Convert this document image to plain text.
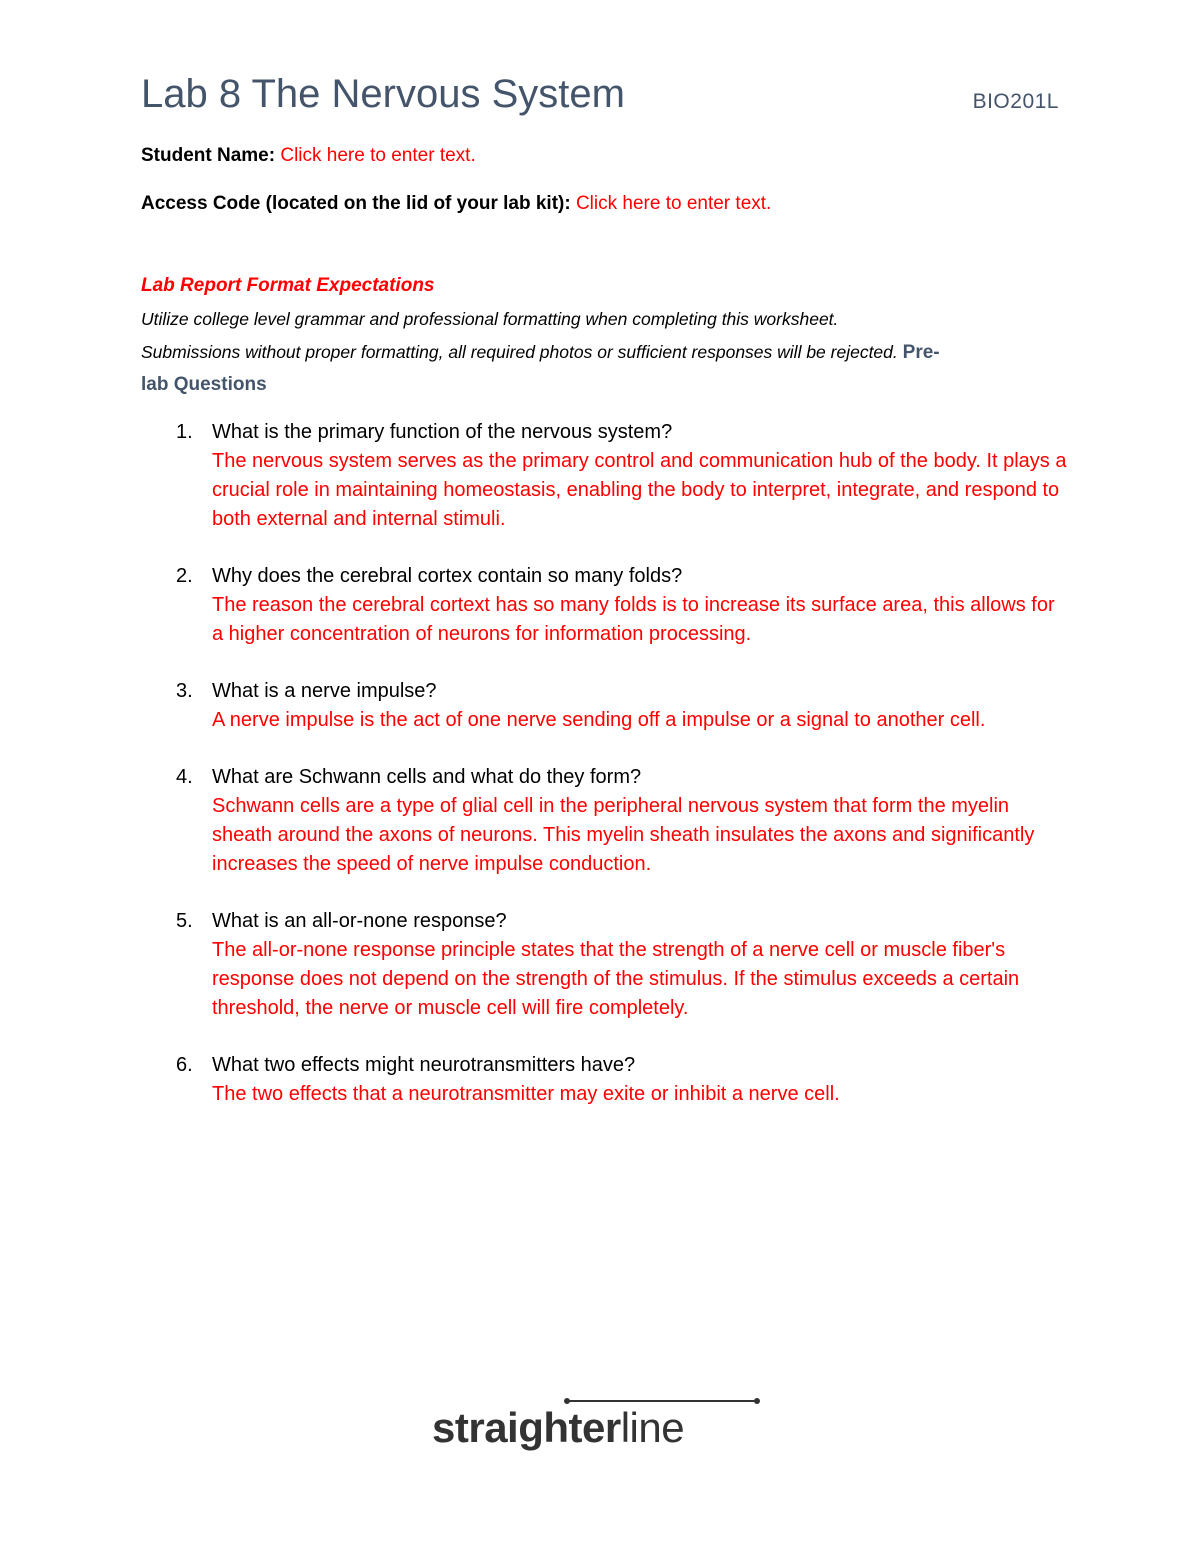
Lab 8 The Nervous System	BIO201L
Student Name: Click here to enter text.
Access Code (located on the lid of your lab kit): Click here to enter text.
Lab Report Format Expectations
Utilize college level grammar and professional formatting when completing this worksheet.
Submissions without proper formatting, all required photos or sufficient responses will be rejected. Pre-
lab Questions
1. What is the primary function of the nervous system?
The nervous system serves as the primary control and communication hub of the body. It plays a crucial role in maintaining homeostasis, enabling the body to interpret, integrate, and respond to both external and internal stimuli.
2. Why does the cerebral cortex contain so many folds?
The reason the cerebral cortext has so many folds is to increase its surface area, this allows for a higher concentration of neurons for information processing.
3. What is a nerve impulse?
A nerve impulse is the act of one nerve sending off a impulse or a signal to another cell.
4. What are Schwann cells and what do they form?
Schwann cells are a type of glial cell in the peripheral nervous system that form the myelin sheath around the axons of neurons. This myelin sheath insulates the axons and significantly increases the speed of nerve impulse conduction.
5. What is an all-or-none response?
The all-or-none response principle states that the strength of a nerve cell or muscle fiber's response does not depend on the strength of the stimulus. If the stimulus exceeds a certain threshold, the nerve or muscle cell will fire completely.
6. What two effects might neurotransmitters have?
The two effects that a neurotransmitter may exite or inhibit a nerve cell.
straighterline
